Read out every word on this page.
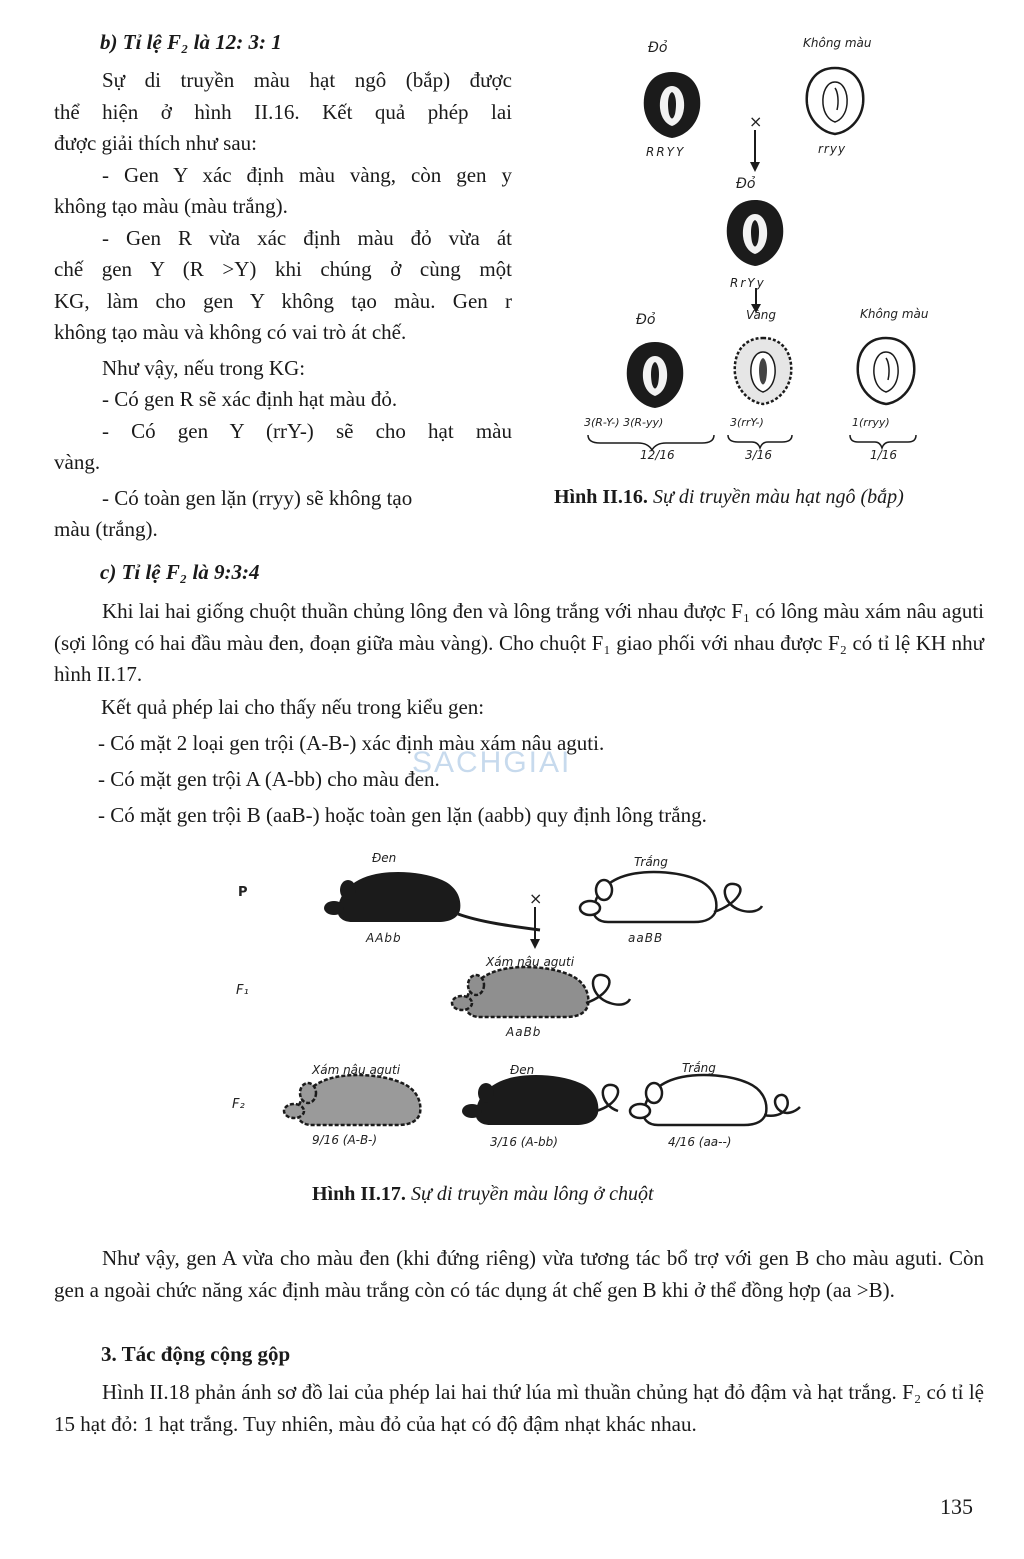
b) Tỉ lệ F₂ là 12: 3: 1
Sự di truyền màu hạt ngô (bắp) được
thể hiện ở hình II.16. Kết quả phép lai
được giải thích như sau:
- Gen Y xác định màu vàng, còn gen y
không tạo màu (màu trắng).
- Gen R vừa xác định màu đỏ vừa át
chế gen Y (R >Y) khi chúng ở cùng một
KG, làm cho gen Y không tạo màu. Gen r
không tạo màu và không có vai trò át chế.
Như vậy, nếu trong KG:
- Có gen R sẽ xác định hạt màu đỏ.
- Có gen Y (rrY-) sẽ cho hạt màu
vàng.
- Có toàn gen lặn (rryy) sẽ không tạo
màu (trắng).
Đỏ	Không màu
RRYY	rryy
×
Đỏ
RrYy
Đỏ	Vàng	Không màu
3(R-Y-) 3(R-yy)	3(rrY-)	1(rryy)
12/16	3/16	1/16
Hình II.16. Sự di truyền màu hạt ngô (bắp)
c) Tỉ lệ F₂ là 9:3:4
Khi lai hai giống chuột thuần chủng lông đen và lông trắng với nhau được F₁ có lông màu xám nâu aguti (sợi lông có hai đầu màu đen, đoạn giữa màu vàng). Cho chuột F₁ giao phối với nhau được F₂ có tỉ lệ KH như hình II.17.
Kết quả phép lai cho thấy nếu trong kiểu gen:
- Có mặt 2 loại gen trội (A-B-) xác định màu xám nâu aguti.
- Có mặt gen trội A (A-bb) cho màu đen.
- Có mặt gen trội B (aaB-) hoặc toàn gen lặn (aabb) quy định lông trắng.
SACHGIAI
P
F₁
F₂
Đen	Trắng
AAbb	aaBB
×
Xám nâu aguti
AaBb
Xám nâu aguti	Đen	Trắng
9/16 (A-B-)	3/16 (A-bb)	4/16 (aa--)
Hình II.17. Sự di truyền màu lông ở chuột
Như vậy, gen A vừa cho màu đen (khi đứng riêng) vừa tương tác bổ trợ với gen B cho màu aguti. Còn gen a ngoài chức năng xác định màu trắng còn có tác dụng át chế gen B khi ở thể đồng hợp (aa >B).
3. Tác động cộng gộp
Hình II.18 phản ánh sơ đồ lai của phép lai hai thứ lúa mì thuần chủng hạt đỏ đậm và hạt trắng. F₂ có tỉ lệ 15 hạt đỏ: 1 hạt trắng. Tuy nhiên, màu đỏ của hạt có độ đậm nhạt khác nhau.
135
